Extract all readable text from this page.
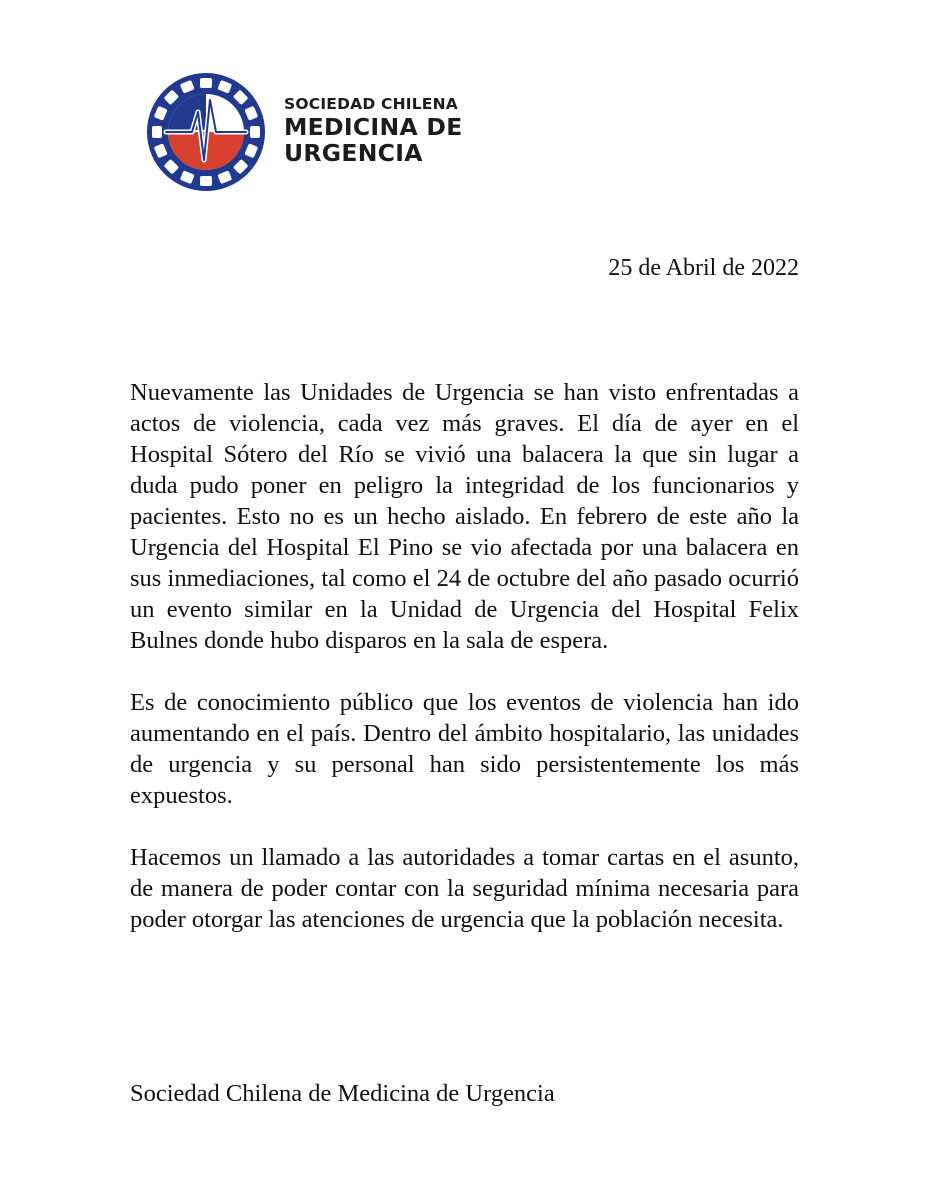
SOCIEDAD CHILENA
MEDICINA DE
URGENCIA
25 de Abril de 2022

Nuevamente las Unidades de Urgencia se han visto enfrentadas a actos de violencia, cada vez más graves. El día de ayer en el Hospital Sótero del Río se vivió una balacera la que sin lugar a duda pudo poner en peligro la integridad de los funcionarios y pacientes. Esto no es un hecho aislado. En febrero de este año la Urgencia del Hospital El Pino se vio afectada por una balacera en sus inmediaciones, tal como el 24 de octubre del año pasado ocurrió un evento similar en la Unidad de Urgencia del Hospital Felix Bulnes donde hubo disparos en la sala de espera.

Es de conocimiento público que los eventos de violencia han ido aumentando en el país. Dentro del ámbito hospitalario, las unidades de urgencia y su personal han sido persistentemente los más expuestos.

Hacemos un llamado a las autoridades a tomar cartas en el asunto, de manera de poder contar con la seguridad mínima necesaria para poder otorgar las atenciones de urgencia que la población necesita.

Sociedad Chilena de Medicina de Urgencia
